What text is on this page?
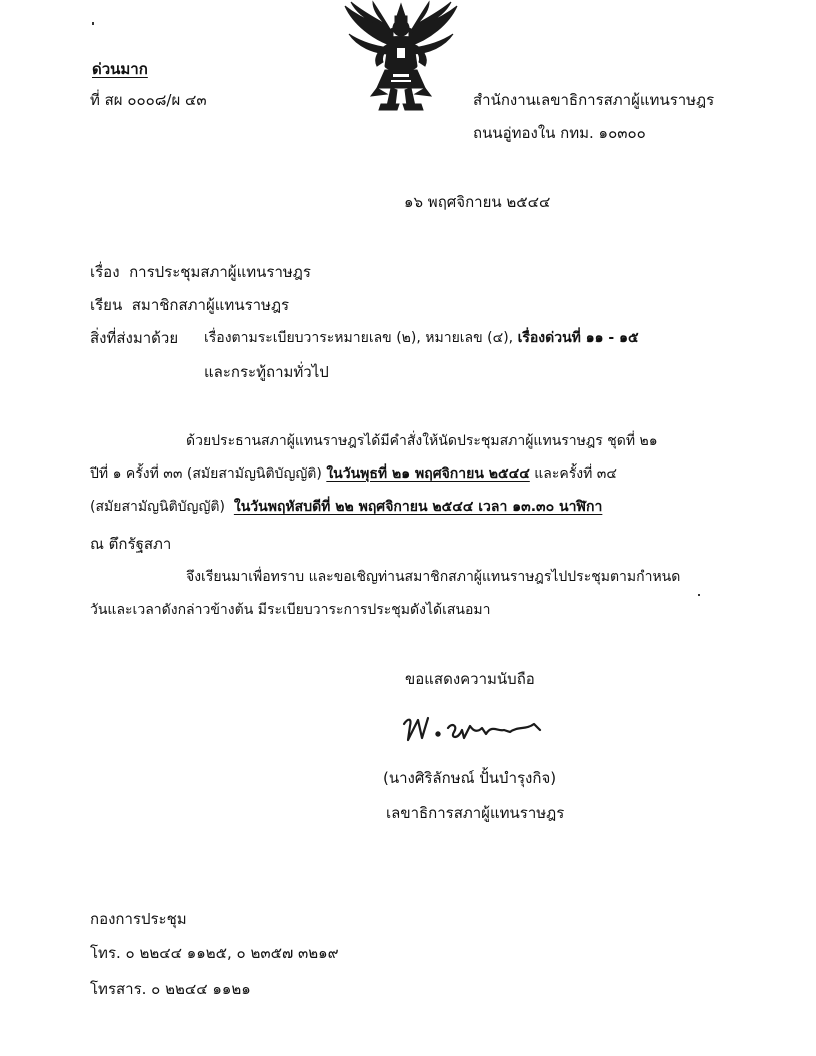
ด่วนมาก
ที่ สผ ๐๐๐๘/ผ ๔๓	สำนักงานเลขาธิการสภาผู้แทนราษฎร
ถนนอู่ทองใน กทม. ๑๐๓๐๐
๑๖ พฤศจิกายน ๒๕๔๔
เรื่อง การประชุมสภาผู้แทนราษฎร
เรียน สมาชิกสภาผู้แทนราษฎร
สิ่งที่ส่งมาด้วย เรื่องตามระเบียบวาระหมายเลข (๒), หมายเลข (๔), เรื่องด่วนที่ ๑๑ - ๑๕
และกระทู้ถามทั่วไป
ด้วยประธานสภาผู้แทนราษฎรได้มีคำสั่งให้นัดประชุมสภาผู้แทนราษฎร ชุดที่ ๒๑
ปีที่ ๑ ครั้งที่ ๓๓ (สมัยสามัญนิติบัญญัติ) ในวันพุธที่ ๒๑ พฤศจิกายน ๒๕๔๔ และครั้งที่ ๓๔
(สมัยสามัญนิติบัญญัติ) ในวันพฤหัสบดีที่ ๒๒ พฤศจิกายน ๒๕๔๔ เวลา ๑๓.๓๐ นาฬิกา
ณ ตึกรัฐสภา
จึงเรียนมาเพื่อทราบ และขอเชิญท่านสมาชิกสภาผู้แทนราษฎรไปประชุมตามกำหนด
วันและเวลาดังกล่าวข้างต้น มีระเบียบวาระการประชุมดังได้เสนอมา
ขอแสดงความนับถือ
(นางศิริลักษณ์ ปั้นบำรุงกิจ)
เลขาธิการสภาผู้แทนราษฎร
กองการประชุม
โทร. ๐ ๒๒๔๔ ๑๑๒๕, ๐ ๒๓๕๗ ๓๒๑๙
โทรสาร. ๐ ๒๒๔๔ ๑๑๒๑
